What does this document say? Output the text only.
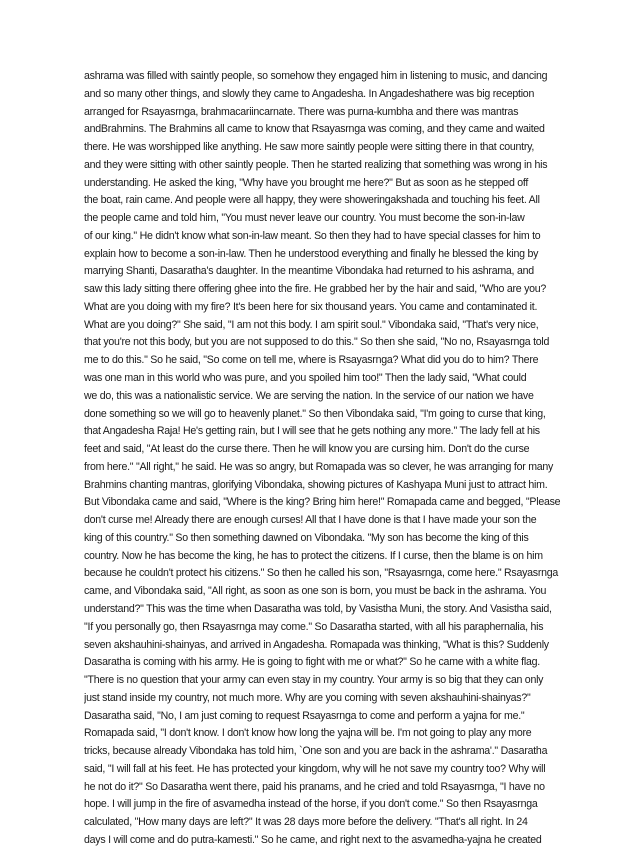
ashrama was filled with saintly people, so somehow they engaged him in listening to music, and dancing
and so many other things, and slowly they came to Angadesha. In Angadeshathere was big reception
arranged for Rsayasrnga, brahmacariincarnate. There was purna-kumbha and there was mantras
andBrahmins. The Brahmins all came to know that Rsayasrnga was coming, and they came and waited
there. He was worshipped like anything. He saw more saintly people were sitting there in that country,
and they were sitting with other saintly people. Then he started realizing that something was wrong in his
understanding. He asked the king, "Why have you brought me here?" But as soon as he stepped off
the boat, rain came. And people were all happy, they were showeringakshada and touching his feet. All
the people came and told him, "You must never leave our country. You must become the son-in-law
of our king." He didn't know what son-in-law meant. So then they had to have special classes for him to
explain how to become a son-in-law. Then he understood everything and finally he blessed the king by
marrying Shanti, Dasaratha's daughter. In the meantime Vibondaka had returned to his ashrama, and
saw this lady sitting there offering ghee into the fire. He grabbed her by the hair and said, "Who are you?
What are you doing with my fire? It's been here for six thousand years. You came and contaminated it.
What are you doing?" She said, "I am not this body. I am spirit soul." Vibondaka said, "That's very nice,
that you're not this body, but you are not supposed to do this." So then she said, "No no, Rsayasrnga told
me to do this." So he said, "So come on tell me, where is Rsayasrnga? What did you do to him? There
was one man in this world who was pure, and you spoiled him too!" Then the lady said, "What could
we do, this was a nationalistic service. We are serving the nation. In the service of our nation we have
done something so we will go to heavenly planet." So then Vibondaka said, "I'm going to curse that king,
that Angadesha Raja! He's getting rain, but I will see that he gets nothing any more." The lady fell at his
feet and said, "At least do the curse there. Then he will know you are cursing him. Don't do the curse
from here." "All right," he said. He was so angry, but Romapada was so clever, he was arranging for many
Brahmins chanting mantras, glorifying Vibondaka, showing pictures of Kashyapa Muni just to attract him.
But Vibondaka came and said, "Where is the king? Bring him here!" Romapada came and begged, "Please
don't curse me! Already there are enough curses! All that I have done is that I have made your son the
king of this country." So then something dawned on Vibondaka. "My son has become the king of this
country. Now he has become the king, he has to protect the citizens. If I curse, then the blame is on him
because he couldn't protect his citizens." So then he called his son, "Rsayasrnga, come here." Rsayasrnga
came, and Vibondaka said, "All right, as soon as one son is born, you must be back in the ashrama. You
understand?" This was the time when Dasaratha was told, by Vasistha Muni, the story. And Vasistha said,
"If you personally go, then Rsayasrnga may come." So Dasaratha started, with all his paraphernalia, his
seven akshauhini-shainyas, and arrived in Angadesha. Romapada was thinking, "What is this? Suddenly
Dasaratha is coming with his army. He is going to fight with me or what?" So he came with a white flag.
"There is no question that your army can even stay in my country. Your army is so big that they can only
just stand inside my country, not much more. Why are you coming with seven akshauhini-shainyas?"
Dasaratha said, "No, I am just coming to request Rsayasrnga to come and perform a yajna for me."
Romapada said, "I don't know. I don't know how long the yajna will be. I'm not going to play any more
tricks, because already Vibondaka has told him, `One son and you are back in the ashrama'." Dasaratha
said, "I will fall at his feet. He has protected your kingdom, why will he not save my country too? Why will
he not do it?" So Dasaratha went there, paid his pranams, and he cried and told Rsayasrnga, "I have no
hope. I will jump in the fire of asvamedha instead of the horse, if you don't come." So then Rsayasrnga
calculated, "How many days are left?" It was 28 days more before the delivery. "That's all right. In 24
days I will come and do putra-kamesti." So he came, and right next to the asvamedha-yajna he created
